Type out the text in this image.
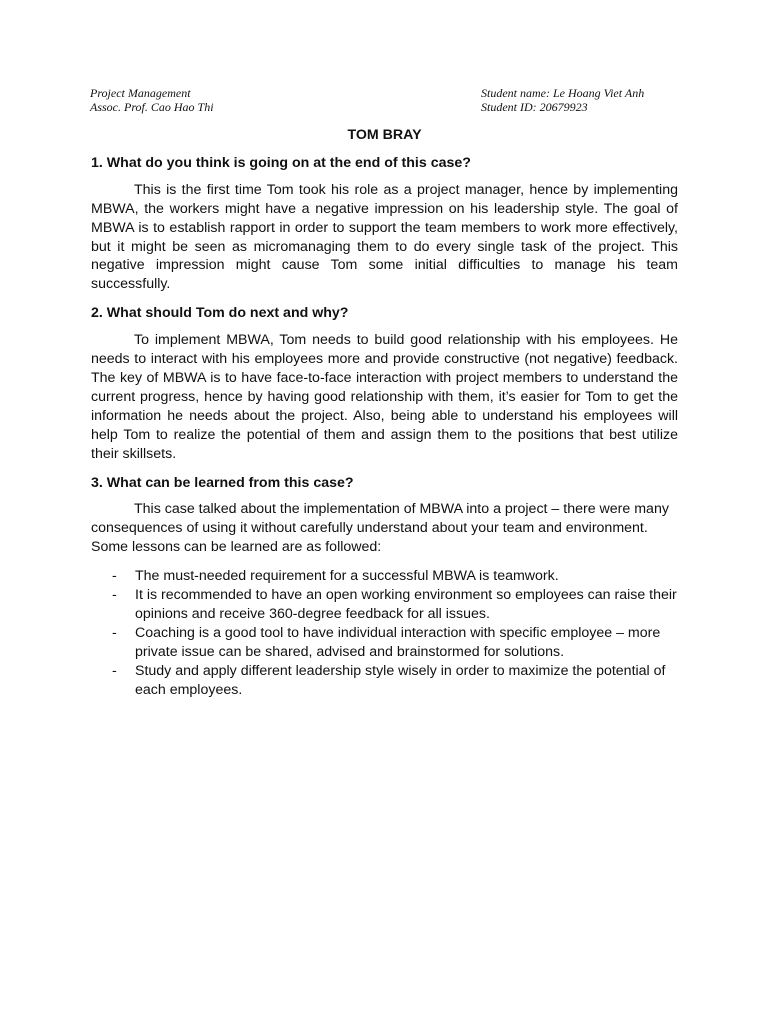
Project Management	Student name: Le Hoang Viet Anh
Assoc. Prof. Cao Hao Thi	Student ID: 20679923
TOM BRAY
1. What do you think is going on at the end of this case?

This is the first time Tom took his role as a project manager, hence by implementing MBWA, the workers might have a negative impression on his leadership style. The goal of MBWA is to establish rapport in order to support the team members to work more effectively, but it might be seen as micromanaging them to do every single task of the project. This negative impression might cause Tom some initial difficulties to manage his team successfully.

2. What should Tom do next and why?

To implement MBWA, Tom needs to build good relationship with his employees. He needs to interact with his employees more and provide constructive (not negative) feedback. The key of MBWA is to have face-to-face interaction with project members to understand the current progress, hence by having good relationship with them, it’s easier for Tom to get the information he needs about the project. Also, being able to understand his employees will help Tom to realize the potential of them and assign them to the positions that best utilize their skillsets.

3. What can be learned from this case?

This case talked about the implementation of MBWA into a project – there were many consequences of using it without carefully understand about your team and environment. Some lessons can be learned are as followed:

- The must-needed requirement for a successful MBWA is teamwork.
- It is recommended to have an open working environment so employees can raise their opinions and receive 360-degree feedback for all issues.
- Coaching is a good tool to have individual interaction with specific employee – more private issue can be shared, advised and brainstormed for solutions.
- Study and apply different leadership style wisely in order to maximize the potential of each employees.
